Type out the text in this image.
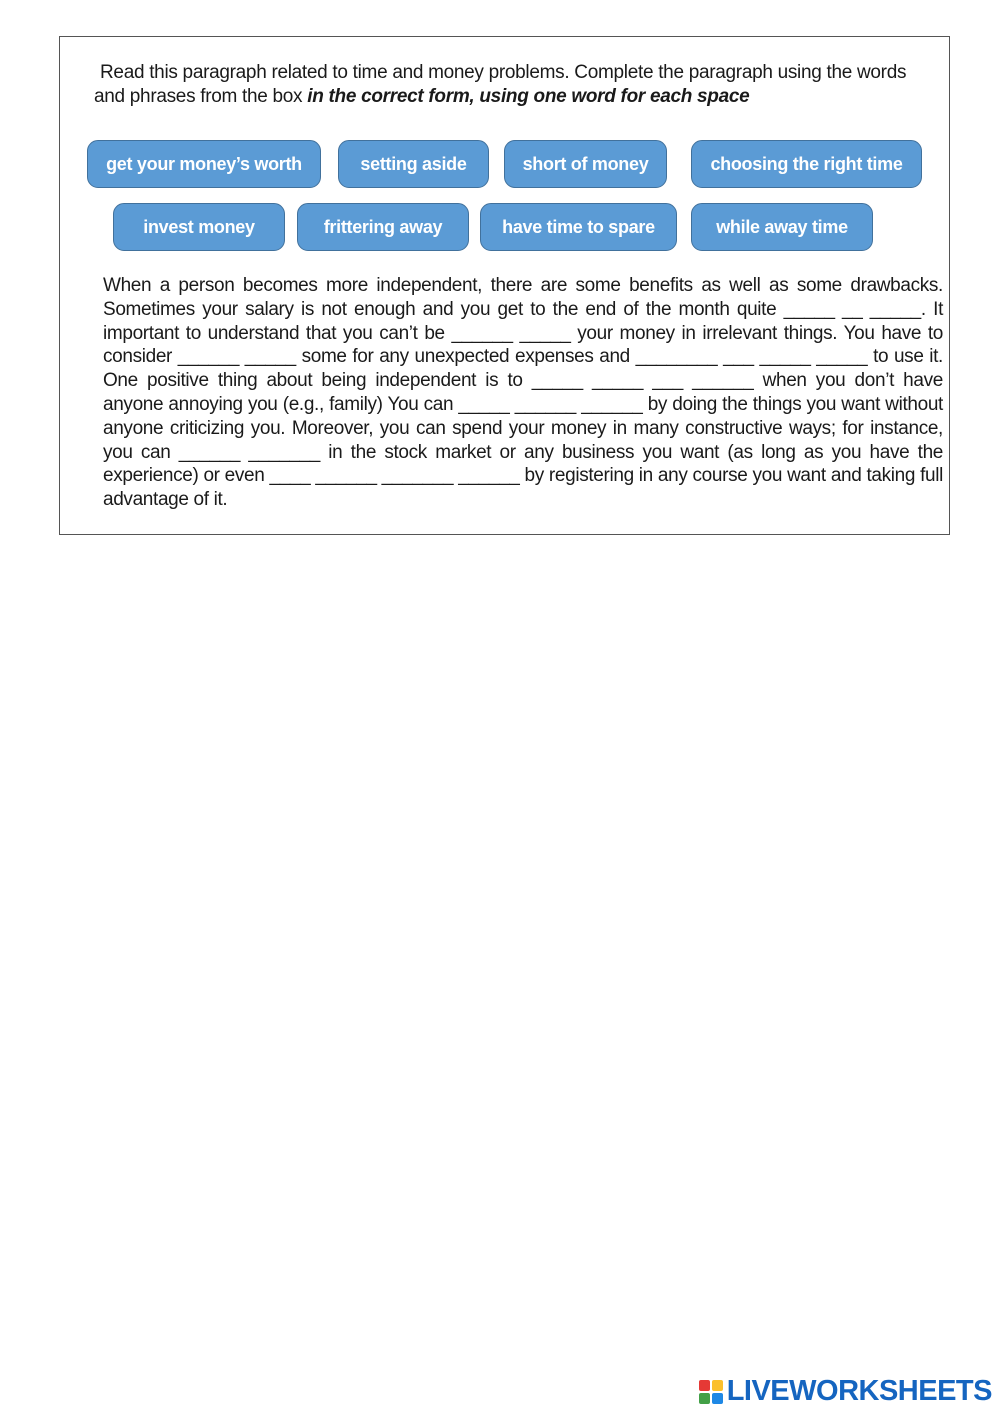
Read this paragraph related to time and money problems. Complete the paragraph using the words
and phrases from the box in the correct form, using one word for each space

get your money’s worth	setting aside	short of money	choosing the right time
invest money	frittering away	have time to spare	while away time

When a person becomes more independent, there are some benefits as well as some drawbacks. Sometimes your salary is not enough and you get to the end of the month quite _____ __ _____. It important to understand that you can’t be ______ _____ your money in irrelevant things. You have to consider ______ _____ some for any unexpected expenses and ________ ___ _____ _____ to use it. One positive thing about being independent is to _____ _____ ___ ______ when you don’t have anyone annoying you (e.g., family) You can _____ ______ ______ by doing the things you want without anyone criticizing you. Moreover, you can spend your money in many constructive ways; for instance, you can ______ _______ in the stock market or any business you want (as long as you have the experience) or even ____ ______ _______ ______ by registering in any course you want and taking full advantage of it.

LIVEWORKSHEETS
